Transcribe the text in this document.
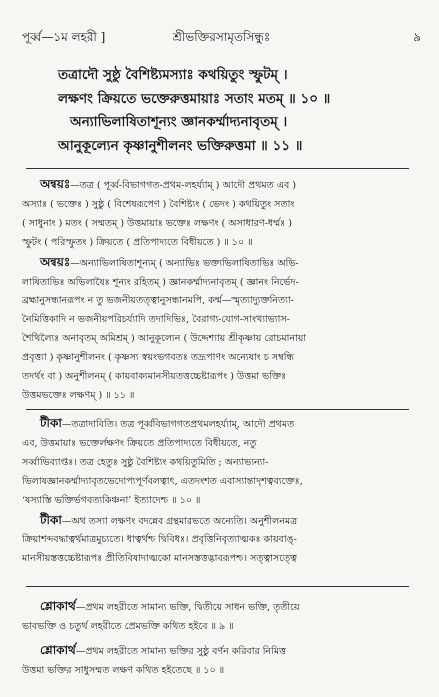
পূর্ব্ব—১ম লহরী ]	শ্রীভক্তিরসামৃতসিন্ধুঃ	৯
তত্রাদৌ সুষ্ঠু বৈশিষ্ট্যমস্যাঃ কথয়িতুং স্ফুটম্ ।
লক্ষণং ক্রিয়তে ভক্তেরুত্তমায়াঃ সতাং মতম্ ॥ ১০ ॥
অন্যাভিলাষিতাশূন্যং জ্ঞানকর্ম্মাদ্যনাবৃতম্ ।
আনুকূল্যেন কৃষ্ণানুশীলনং ভক্তিরুত্তমা ॥ ১১ ॥

অন্বয়ঃ—তত্র ( পূর্ব্ব-বিভাগগত-প্রথম-লহর্য্যাম্ ) আদৌ প্রথমত এব )

অস্যাঃ ( ভক্তেঃ ) সুষ্ঠু ( বিশেষরূপেণ ) বৈশিষ্ট্যং ( ভেদং ) কথয়িতুং সতাং

( সাধুনাং ) মতং ( সম্মতম্ ) উত্তমায়াঃ ভক্তেঃ লক্ষণং ( অসাধারণ-ধর্ম্মঃ )

স্ফুটং ( পরিস্ফুতং ) ক্রিয়তে ( প্রতিপাদ্যতে বিধীয়তে ) ॥ ১০ ॥

অন্বয়ঃ—অন্যাভিলাষিতাশূন্যম্ ( অন্যাভিঃ ভক্ত্যভিলাষিতাভিঃ অভি-

লাষিতাভিঃ অভিলাষৈঃ শূন্যং রহিতম্ ) জ্ঞানকর্ম্মাদ্যনাবৃতম্ ( জ্ঞানং নির্ভেদ-

ব্রহ্মানুসন্ধানরূপং ন তু ভজনীয়তত্ত্বানুসন্ধানমপি, কর্ম্ম—স্মৃত্যাদ্যুক্তনিত্যা-

নৈমিত্তিকাদি ন ভজনীয়পরিচর্য্যাদি তদাদিভিঃ, বৈরাগ্য-যোগ-সাংখ্যাভ্যাস-

শৈথিল্যৈঃ অনাবৃতম্ অমিশ্রম্ ) আনুকূল্যেন ( উদ্দেশ্যায় শ্রীকৃষ্ণায় রোচমানায়া

প্রবৃত্ত্যা ) কৃষ্ণানুশীলনং ( কৃষ্ণস্য স্বয়ংভগবতঃ তদ্রূপাণং অন্যেষাং চ সম্বন্ধি

তদর্থং বা ) অনুশীলনম্ ( কায়বাক্যমানসীয়তত্তচ্চেষ্টারূপং ) উত্তমা ভক্তিঃ

উত্তমভক্তেঃ লক্ষণম্ ) ॥ ১১ ॥

টীকা—তত্রাদাবিতি। তত্র পূর্ব্ববিভাগগতপ্রথমলহর্য্যাম্, আদৌ প্রথমত

এব, উত্তমায়াঃ ভক্তের্লক্ষণং ক্রিয়তে প্রতিপাদ্যতে বিধীয়তে, নতু

সর্ব্বাভিব্যাপ্তঃ। তত্র হেতুঃ সুষ্ঠু বৈশিষ্ট্যং কথয়িতুমিতি ; অন্যাভ্যন্যা-

ভিলাষজ্ঞানকর্ম্মাদ্যাবৃতভেদোপ্যপূর্ণবলত্বাৎ, এতদংশত এবাস্যান্তাদৃশত্বব্যক্তেঃ,

‘ষস্যাস্তি ভক্তির্ভগবত্যকিঞ্চনা’ ইত্যাদেশ্চ ॥ ১০ ॥

টীকা—অথ তস্যা লক্ষণং বদন্নেব গ্রন্থমারভতে অন্যেতি। অনুশীলনমত্র

ক্রিয়াশব্দবদ্ধাত্বর্থমাত্রমুচ্যতে। ধাত্বর্থশ্চ দ্বিবিধঃ। প্রবৃত্তিনিবৃত্যাত্মকঃ কায়বাঙ্-

মানসীয়স্তত্তচ্চেষ্টারূপঃ প্রীতিবিষাদাত্মকো মানসস্তত্তদ্ভাবরূপশ্চ। সত্ত্বাসত্ত্বে

শ্লোকার্থ—প্রথম লহরীতে সামান্য ভক্তি, দ্বিতীয়ে সাধন ভক্তি, তৃতীয়ে

ভাবভক্তি ও চতুর্থ লহরীতে প্রেমভক্তি কথিত হইবে ॥ ৯ ॥

শ্লোকার্থ—প্রথম লহরীতে সামান্য ভক্তির সুষ্ঠু বর্ণন করিবার নিমিত্ত

উত্তমা ভক্তির সাধুসম্মত লক্ষণ কথিত হইতেছে ॥ ১০ ॥
